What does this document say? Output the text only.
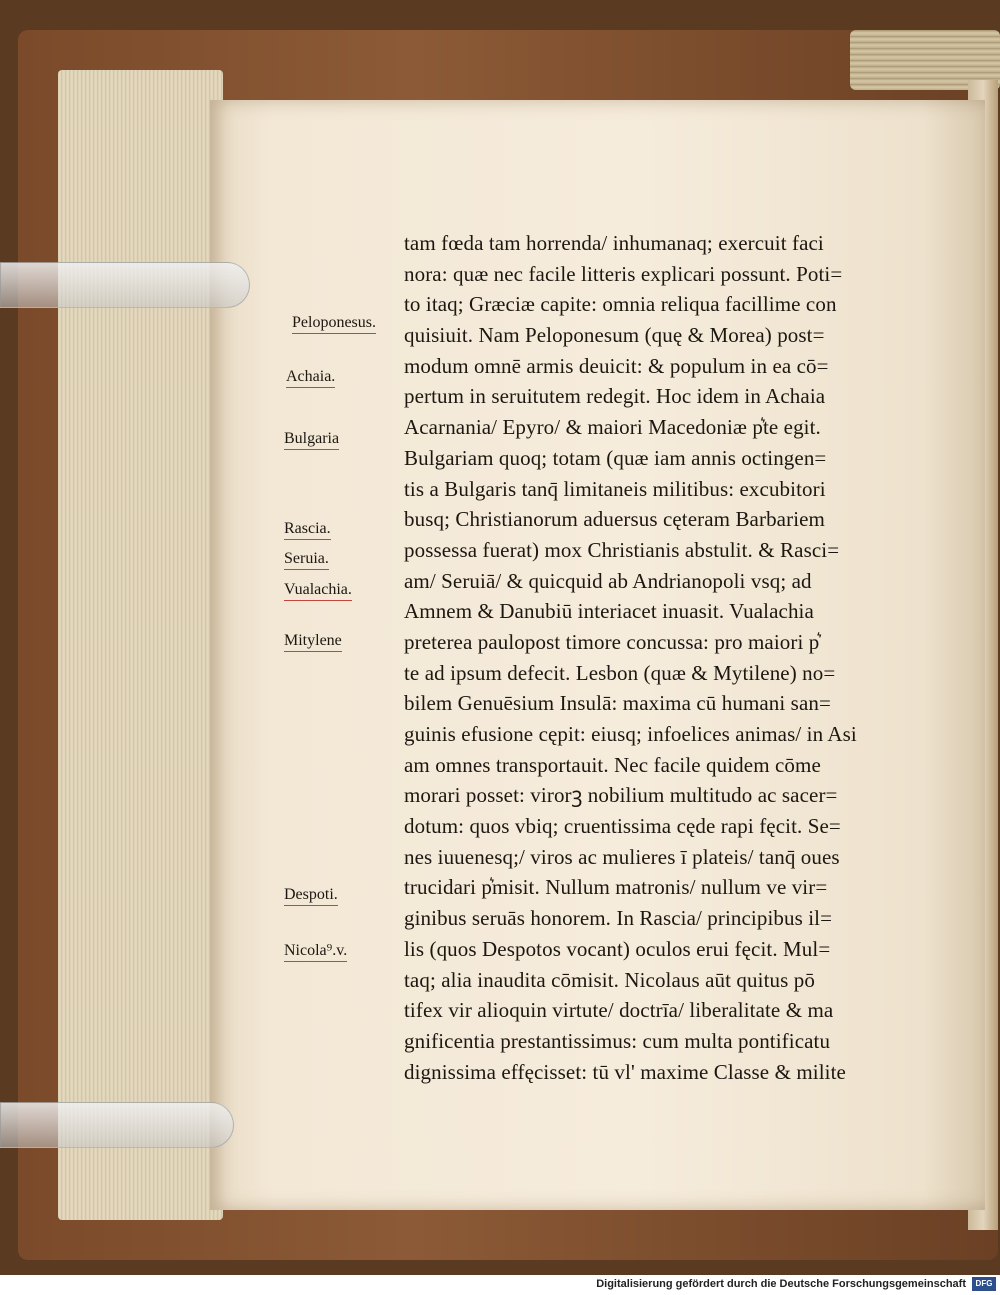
tam fœda tam horrenda/ inhumanaq; exercuit faci
nora: quæ nec facile litteris explicari possunt. Poti=
to itaq; Græciæ capite: omnia reliqua facillime con
quisiuit. Nam Peloponesum (quę & Morea) post=
modum omnē armis deuicit: & populum in ea cō=
pertum in seruitutem redegit. Hoc idem in Achaia
Acarnania/ Epyro/ & maiori Macedoniæ p͛te egit.
Bulgariam quoq; totam (quæ iam annis octingen=
tis a Bulgaris tanq̄ limitaneis militibus: excubitori
busq; Christianorum aduersus cęteram Barbariem
possessa fuerat) mox Christianis abstulit. & Rasci=
am/ Seruiā/ & quicquid ab Andrianopoli vsq; ad
Amnem & Danubiū interiacet inuasit. Vualachia
preterea paulopost timore concussa: pro maiori p͛
te ad ipsum defecit. Lesbon (quæ & Mytilene) no=
bilem Genuēsium Insulā: maxima cū humani san=
guinis efusione cępit: eiusq; infoelices animas/ in Asi
am omnes transportauit. Nec facile quidem cōme
morari posset: virorꝫ nobilium multitudo ac sacer=
dotum: quos vbiq; cruentissima cęde rapi fęcit. Se=
nes iuuenesq;/ viros ac mulieres ī plateis/ tanq̄ oues
trucidari p͛misit. Nullum matronis/ nullum ve vir=
ginibus seruās honorem. In Rascia/ principibus il=
lis (quos Despotos vocant) oculos erui fęcit. Mul=
taq; alia inaudita cōmisit. Nicolaus aūt quitus pō
tifex vir alioquin virtute/ doctrīa/ liberalitate & ma
gnificentia prestantissimus: cum multa pontificatu
dignissima effęcisset: tū vl' maxime Classe & milite
Peloponesus.
Achaia.
Bulgaria
Rascia.
Seruia.
Vualachia.
Mitylene
Despoti.
Nicola⁹.v.
Digitalisierung gefördert durch die Deutsche Forschungsgemeinschaft	DFG
